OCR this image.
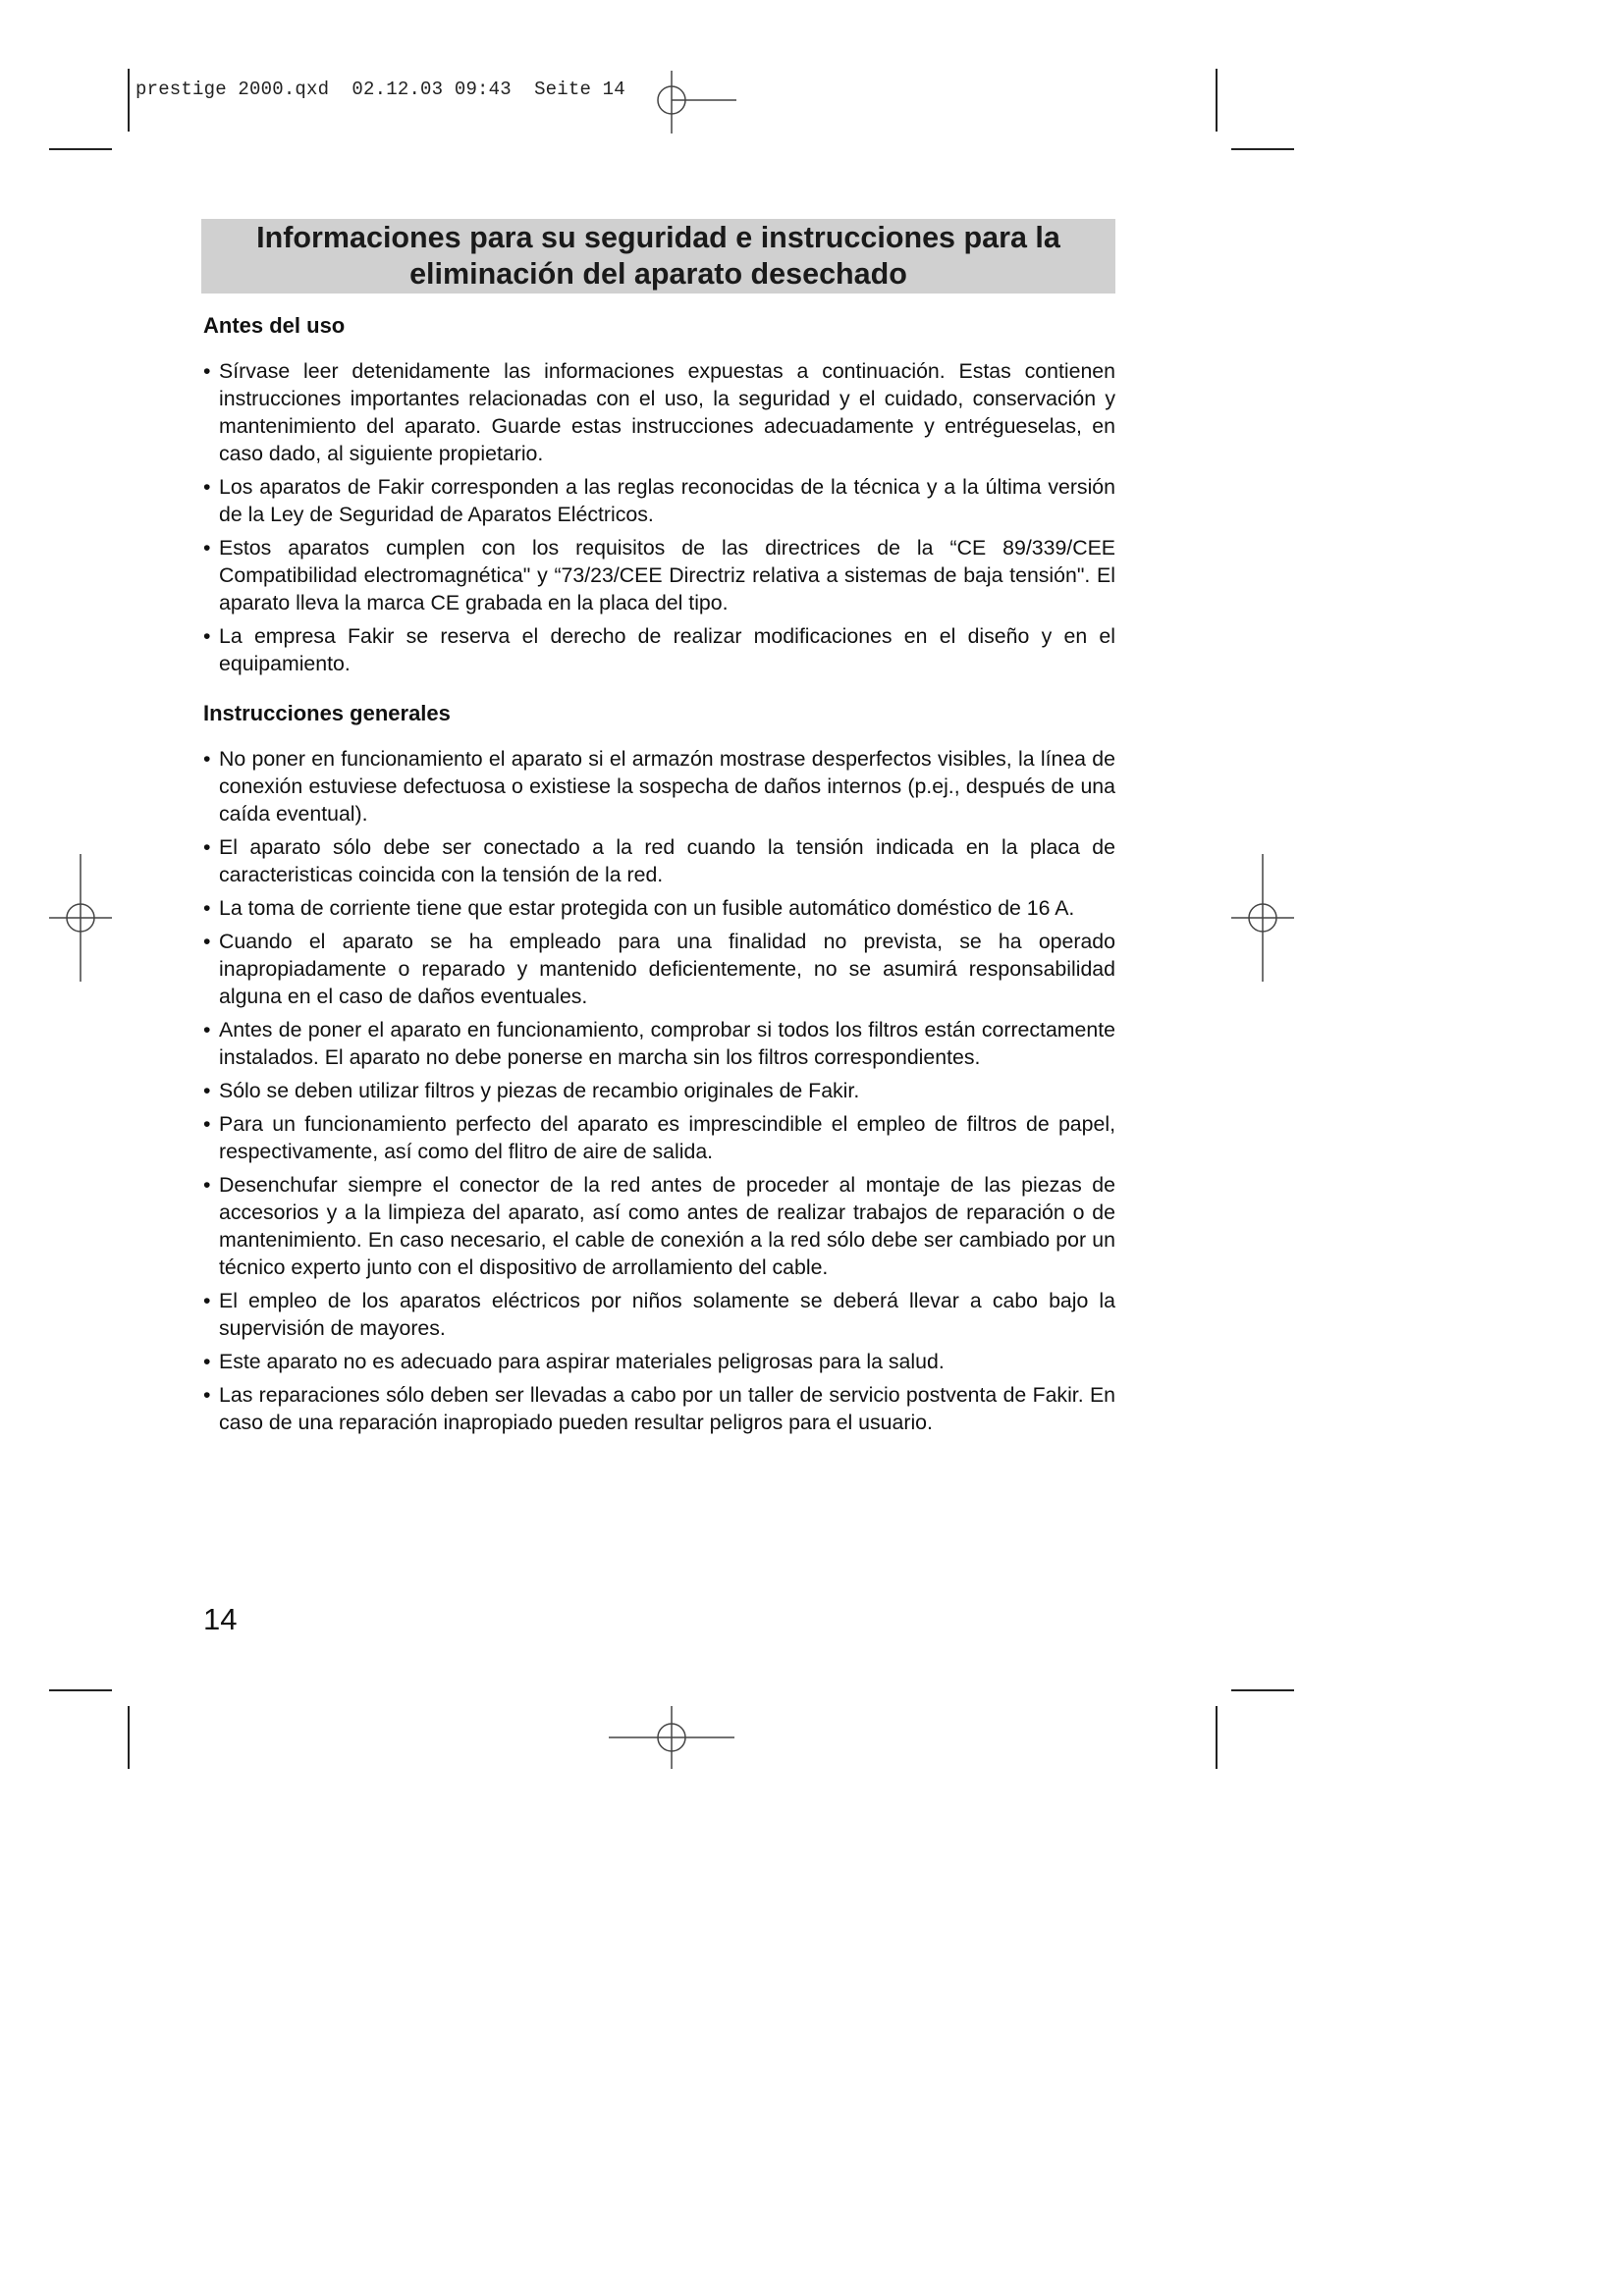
prestige 2000.qxd  02.12.03 09:43  Seite 14
Informaciones para su seguridad e instrucciones para la eliminación del aparato desechado
Antes del uso
• Sírvase leer detenidamente las informaciones expuestas a continuación. Estas contienen instrucciones importantes relacionadas con el uso, la seguridad y el cuidado, conservación y mantenimiento del aparato. Guarde estas instrucciones adecuadamente y entrégueselas, en caso dado, al siguiente propietario.
• Los aparatos de Fakir corresponden a las reglas reconocidas de la técnica y a la última versión de la Ley de Seguridad de Aparatos Eléctricos.
• Estos aparatos cumplen con los requisitos de las directrices de la “CE 89/339/CEE Compatibilidad electromagnética" y “73/23/CEE Directriz relativa a sistemas de baja tensión". El aparato lleva la marca CE grabada en la placa del tipo.
• La empresa Fakir se reserva el derecho de realizar modificaciones en el diseño y en el equipamiento.
Instrucciones generales
• No poner en funcionamiento el aparato si el armazón mostrase desperfectos visibles, la línea de conexión estuviese defectuosa o existiese la sospecha de daños internos (p.ej., después de una caída eventual).
• El aparato sólo debe ser conectado a la red cuando la tensión indicada en la placa de caracteristicas coincida con la tensión de la red.
• La toma de corriente tiene que estar protegida con un fusible automático doméstico de 16 A.
• Cuando el aparato se ha empleado para una finalidad no prevista, se ha operado inapropiadamente o reparado y mantenido deficientemente, no se asumirá responsabilidad alguna en el caso de daños eventuales.
• Antes de poner el aparato en funcionamiento, comprobar si todos los filtros están correctamente instalados. El aparato no debe ponerse en marcha sin los filtros correspondientes.
• Sólo se deben utilizar filtros y piezas de recambio originales de Fakir.
• Para un funcionamiento perfecto del aparato es imprescindible el empleo de filtros de papel, respectivamente, así como del flitro de aire de salida.
• Desenchufar siempre el conector de la red antes de proceder al montaje de las piezas de accesorios y a la limpieza del aparato, así como antes de realizar trabajos de reparación o de mantenimiento. En caso necesario, el cable de conexión a la red sólo debe ser cambiado por un técnico experto junto con el dispositivo de arrollamiento del cable.
• El empleo de los aparatos eléctricos por niños solamente se deberá llevar a cabo bajo la supervisión de mayores.
• Este aparato no es adecuado para aspirar materiales peligrosas para la salud.
• Las reparaciones sólo deben ser llevadas a cabo por un taller de servicio postventa de Fakir. En caso de una reparación inapropiado pueden resultar peligros para el usuario.
14
